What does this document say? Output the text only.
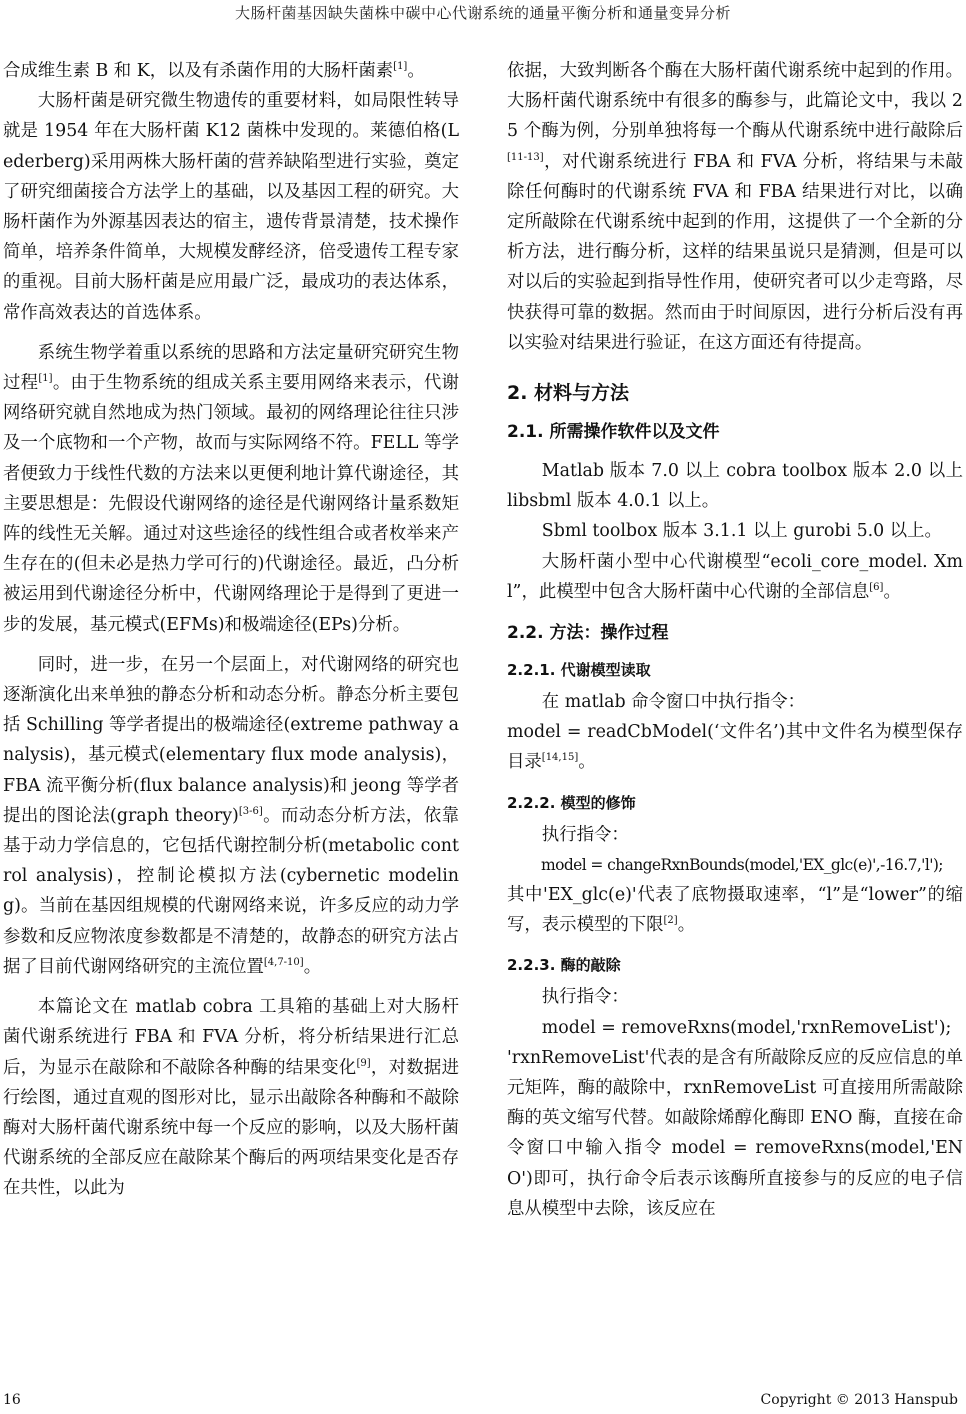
大肠杆菌基因缺失菌株中碳中心代谢系统的通量平衡分析和通量变异分析

合成维生素 B 和 K，以及有杀菌作用的大肠杆菌素[1]。

大肠杆菌是研究微生物遗传的重要材料，如局限性转导就是 1954 年在大肠杆菌 K12 菌株中发现的。莱德伯格(Lederberg)采用两株大肠杆菌的营养缺陷型进行实验，奠定了研究细菌接合方法学上的基础，以及基因工程的研究。大肠杆菌作为外源基因表达的宿主，遗传背景清楚，技术操作简单，培养条件简单，大规模发酵经济，倍受遗传工程专家的重视。目前大肠杆菌是应用最广泛，最成功的表达体系，常作高效表达的首选体系。

系统生物学着重以系统的思路和方法定量研究研究生物过程[1]。由于生物系统的组成关系主要用网络来表示，代谢网络研究就自然地成为热门领域。最初的网络理论往往只涉及一个底物和一个产物，故而与实际网络不符。FELL 等学者便致力于线性代数的方法来以更便利地计算代谢途径，其主要思想是：先假设代谢网络的途径是代谢网络计量系数矩阵的线性无关解。通过对这些途径的线性组合或者枚举来产生存在的(但未必是热力学可行的)代谢途径。最近，凸分析被运用到代谢途径分析中，代谢网络理论于是得到了更进一步的发展，基元模式(EFMs)和极端途径(EPs)分析。

同时，进一步，在另一个层面上，对代谢网络的研究也逐渐演化出来单独的静态分析和动态分析。静态分析主要包括 Schilling 等学者提出的极端途径(extreme pathway analysis)，基元模式(elementary flux mode analysis)，FBA 流平衡分析(flux balance analysis)和 jeong 等学者提出的图论法(graph theory)[3-6]。而动态分析方法，依靠基于动力学信息的，它包括代谢控制分析(metabolic control analysis)，控制论模拟方法(cybernetic modeling)。当前在基因组规模的代谢网络来说，许多反应的动力学参数和反应物浓度参数都是不清楚的，故静态的研究方法占据了目前代谢网络研究的主流位置[4,7-10]。

本篇论文在 matlab cobra 工具箱的基础上对大肠杆菌代谢系统进行 FBA 和 FVA 分析，将分析结果进行汇总后，为显示在敲除和不敲除各种酶的结果变化[9]，对数据进行绘图，通过直观的图形对比，显示出敲除各种酶和不敲除酶对大肠杆菌代谢系统中每一个反应的影响，以及大肠杆菌代谢系统的全部反应在敲除某个酶后的两项结果变化是否存在共性，以此为

依据，大致判断各个酶在大肠杆菌代谢系统中起到的作用。大肠杆菌代谢系统中有很多的酶参与，此篇论文中，我以 25 个酶为例，分别单独将每一个酶从代谢系统中进行敲除后[11-13]，对代谢系统进行 FBA 和 FVA 分析，将结果与未敲除任何酶时的代谢系统 FVA 和 FBA 结果进行对比，以确定所敲除在代谢系统中起到的作用，这提供了一个全新的分析方法，进行酶分析，这样的结果虽说只是猜测，但是可以对以后的实验起到指导性作用，使研究者可以少走弯路，尽快获得可靠的数据。然而由于时间原因，进行分析后没有再以实验对结果进行验证，在这方面还有待提高。

2. 材料与方法
2.1. 所需操作软件以及文件

Matlab 版本 7.0 以上 cobra toolbox 版本 2.0 以上 libsbml 版本 4.0.1 以上。

Sbml toolbox 版本 3.1.1 以上 gurobi 5.0 以上。

大肠杆菌小型中心代谢模型“ecoli_core_model. Xml”，此模型中包含大肠杆菌中心代谢的全部信息[6]。

2.2. 方法：操作过程
2.2.1. 代谢模型读取

在 matlab 命令窗口中执行指令：

model = readCbModel(‘文件名’)其中文件名为模型保存目录[14,15]。

2.2.2. 模型的修饰

执行指令：

model = changeRxnBounds(model,'EX_glc(e)',-16.7,'l');

其中'EX_glc(e)'代表了底物摄取速率，“l”是“lower”的缩写，表示模型的下限[2]。

2.2.3. 酶的敲除

执行指令：

model = removeRxns(model,'rxnRemoveList');

'rxnRemoveList'代表的是含有所敲除反应的反应信息的单元矩阵，酶的敲除中，rxnRemoveList 可直接用所需敲除酶的英文缩写代替。如敲除烯醇化酶即 ENO 酶，直接在命令窗口中输入指令 model = removeRxns(model,'ENO')即可，执行命令后表示该酶所直接参与的反应的电子信息从模型中去除，该反应在

16	Copyright © 2013 Hanspub
